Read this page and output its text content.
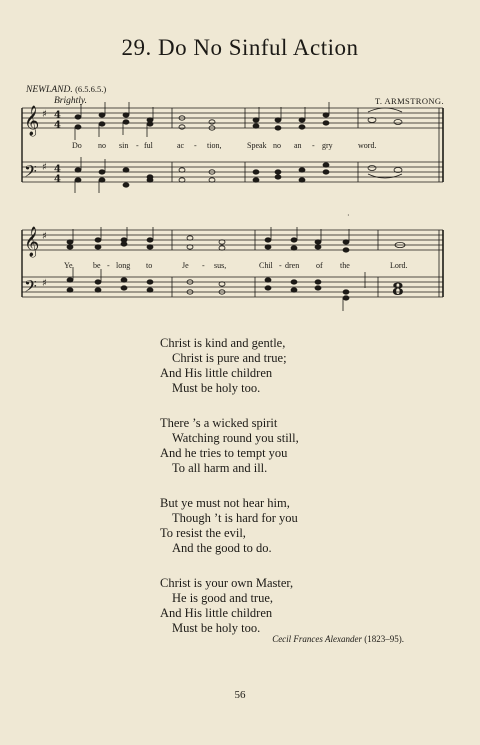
29. Do No Sinful Action
NEWLAND. (6.5.6.5.)
Brightly.	T. ARMSTRONG.
𝄞
𝄢
𝄞
𝄢
♯
♯
♯
♯
4
4
4
4
8
·
Do no sin - ful	ac - tion,	Speak no an - gry	word.
Ye	be - long to	Je - sus,	Chil - dren of the	Lord.
Christ is kind and gentle,
Christ is pure and true;
And His little children
Must be holy too.
There ’s a wicked spirit
Watching round you still,
And he tries to tempt you
To all harm and ill.
But ye must not hear him,
Though ’t is hard for you
To resist the evil,
And the good to do.
Christ is your own Master,
He is good and true,
And His little children
Must be holy too.
Cecil Frances Alexander (1823–95).
56
